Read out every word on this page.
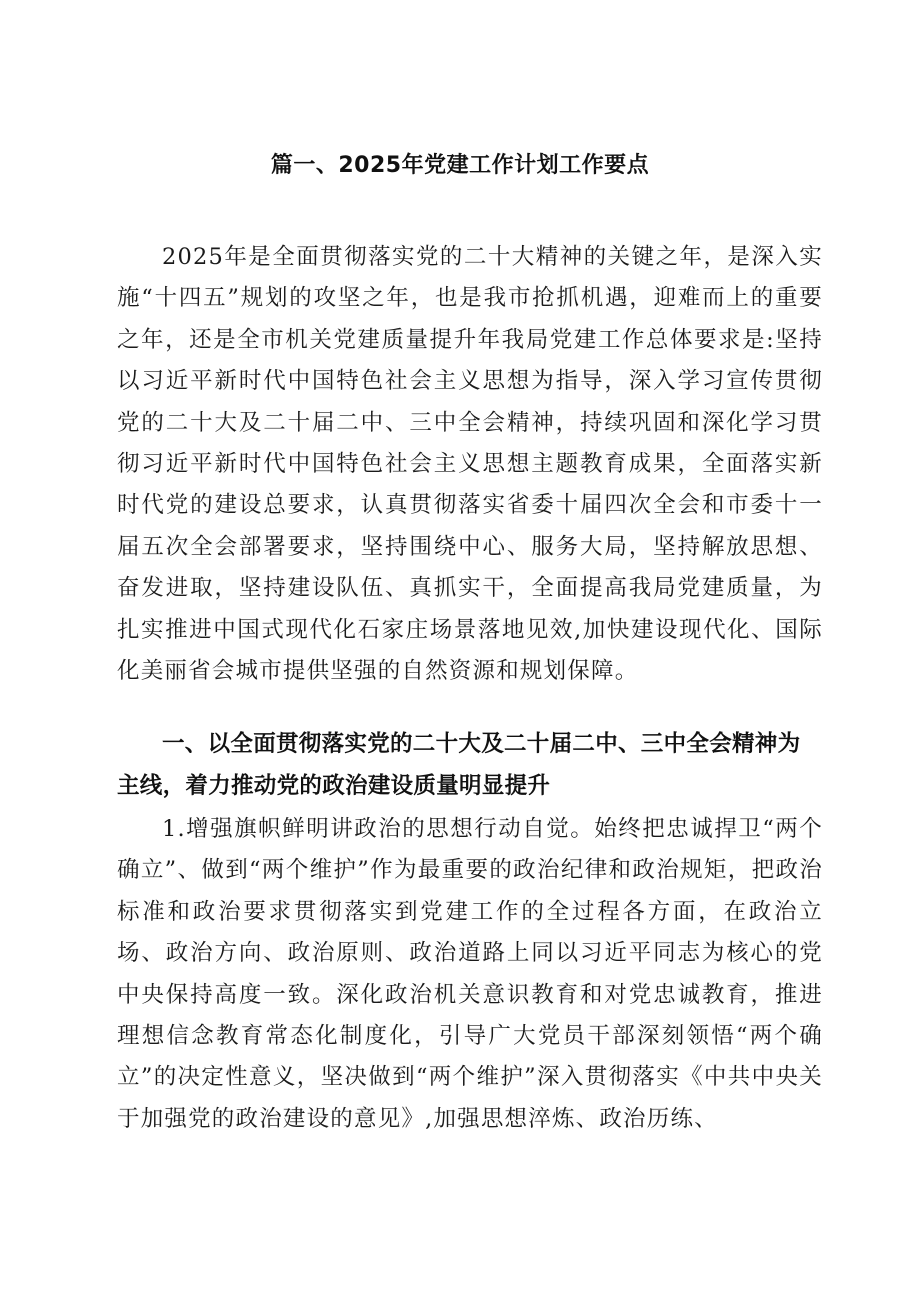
篇一、2025年党建工作计划工作要点

2025年是全面贯彻落实党的二十大精神的关键之年，是深入实施“十四五”规划的攻坚之年，也是我市抢抓机遇，迎难而上的重要之年，还是全市机关党建质量提升年我局党建工作总体要求是:坚持以习近平新时代中国特色社会主义思想为指导，深入学习宣传贯彻党的二十大及二十届二中、三中全会精神，持续巩固和深化学习贯彻习近平新时代中国特色社会主义思想主题教育成果，全面落实新时代党的建设总要求，认真贯彻落实省委十届四次全会和市委十一届五次全会部署要求，坚持围绕中心、服务大局，坚持解放思想、奋发进取，坚持建设队伍、真抓实干，全面提高我局党建质量，为扎实推进中国式现代化石家庄场景落地见效,加快建设现代化、国际化美丽省会城市提供坚强的自然资源和规划保障。

一、以全面贯彻落实党的二十大及二十届二中、三中全会精神为主线，着力推动党的政治建设质量明显提升

1.增强旗帜鲜明讲政治的思想行动自觉。始终把忠诚捍卫“两个确立”、做到“两个维护”作为最重要的政治纪律和政治规矩，把政治标准和政治要求贯彻落实到党建工作的全过程各方面，在政治立场、政治方向、政治原则、政治道路上同以习近平同志为核心的党中央保持高度一致。深化政治机关意识教育和对党忠诚教育，推进理想信念教育常态化制度化，引导广大党员干部深刻领悟“两个确立”的决定性意义，坚决做到“两个维护”深入贯彻落实《中共中央关于加强党的政治建设的意见》,加强思想淬炼、政治历练、
